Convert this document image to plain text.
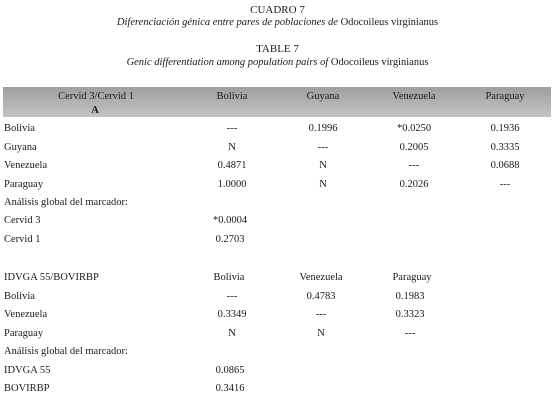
CUADRO 7
Diferenciación génica entre pares de poblaciones de Odocoileus virginianus
TABLE 7
Genic differentiation among population pairs of Odocoileus virginianus
Cervid 3/Cervid 1	Bolivia	Guyana	Venezuela	Paraguay
A
Bolivia	---	0.1996	*0.0250	0.1936
Guyana	N	---	0.2005	0.3335
Venezuela	0.4871	N	---	0.0688
Paraguay	1.0000	N	0.2026	---
Análisis global del marcador:
Cervid 3	*0.0004
Cervid 1	0.2703
IDVGA 55/BOVIRBP	Bolivia	Venezuela	Paraguay
Bolivia	---	0.4783	0.1983
Venezuela	0.3349	---	0.3323
Paraguay	N	N	---
Análisis global del marcador:
IDVGA 55	0.0865
BOVIRBP	0.3416
